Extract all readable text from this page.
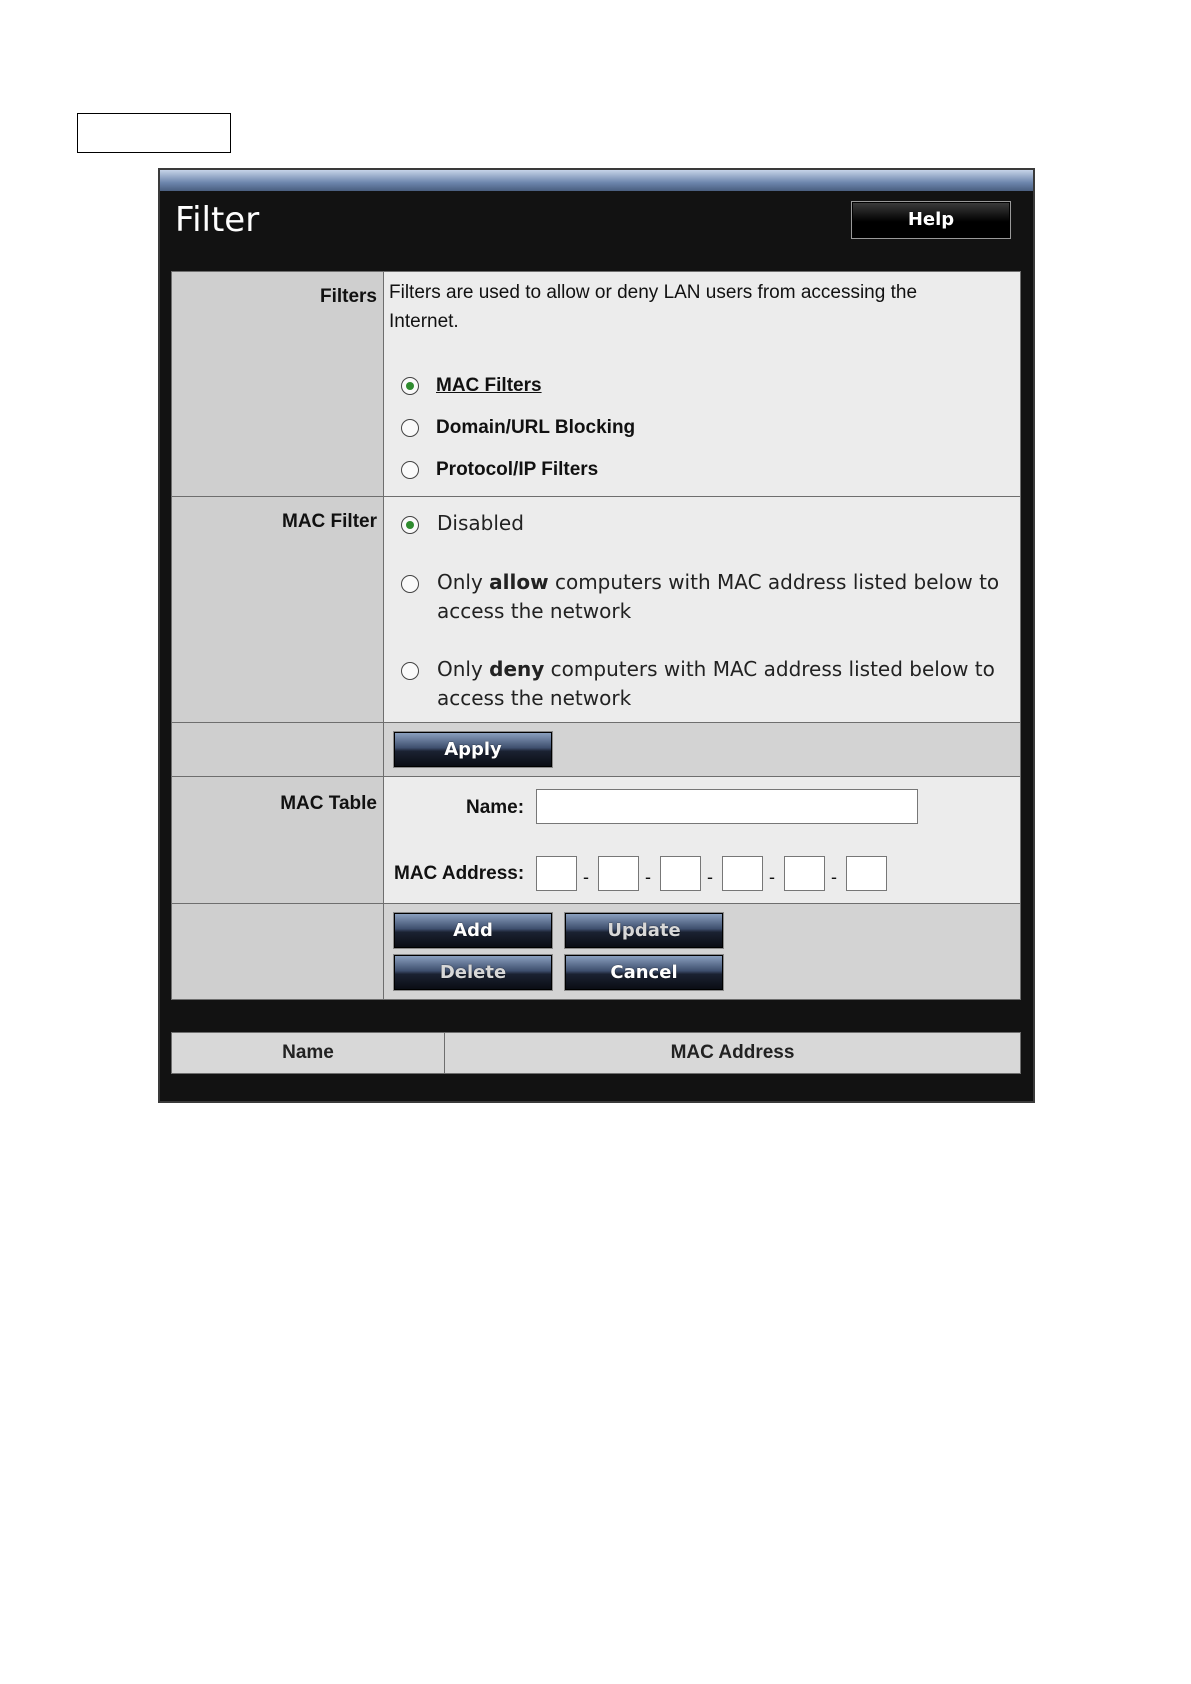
Filter	Help
Filters Filters are used to allow or deny LAN users from accessing the
Internet.
MAC Filters
Domain/URL Blocking
Protocol/IP Filters
MAC Filter	Disabled
Only allow computers with MAC address listed below to
access the network
Only deny computers with MAC address listed below to
access the network
Apply
MAC Table	Name:
MAC Address:	-	-	-	-	-
Add	Update
Delete	Cancel
Name	MAC Address
